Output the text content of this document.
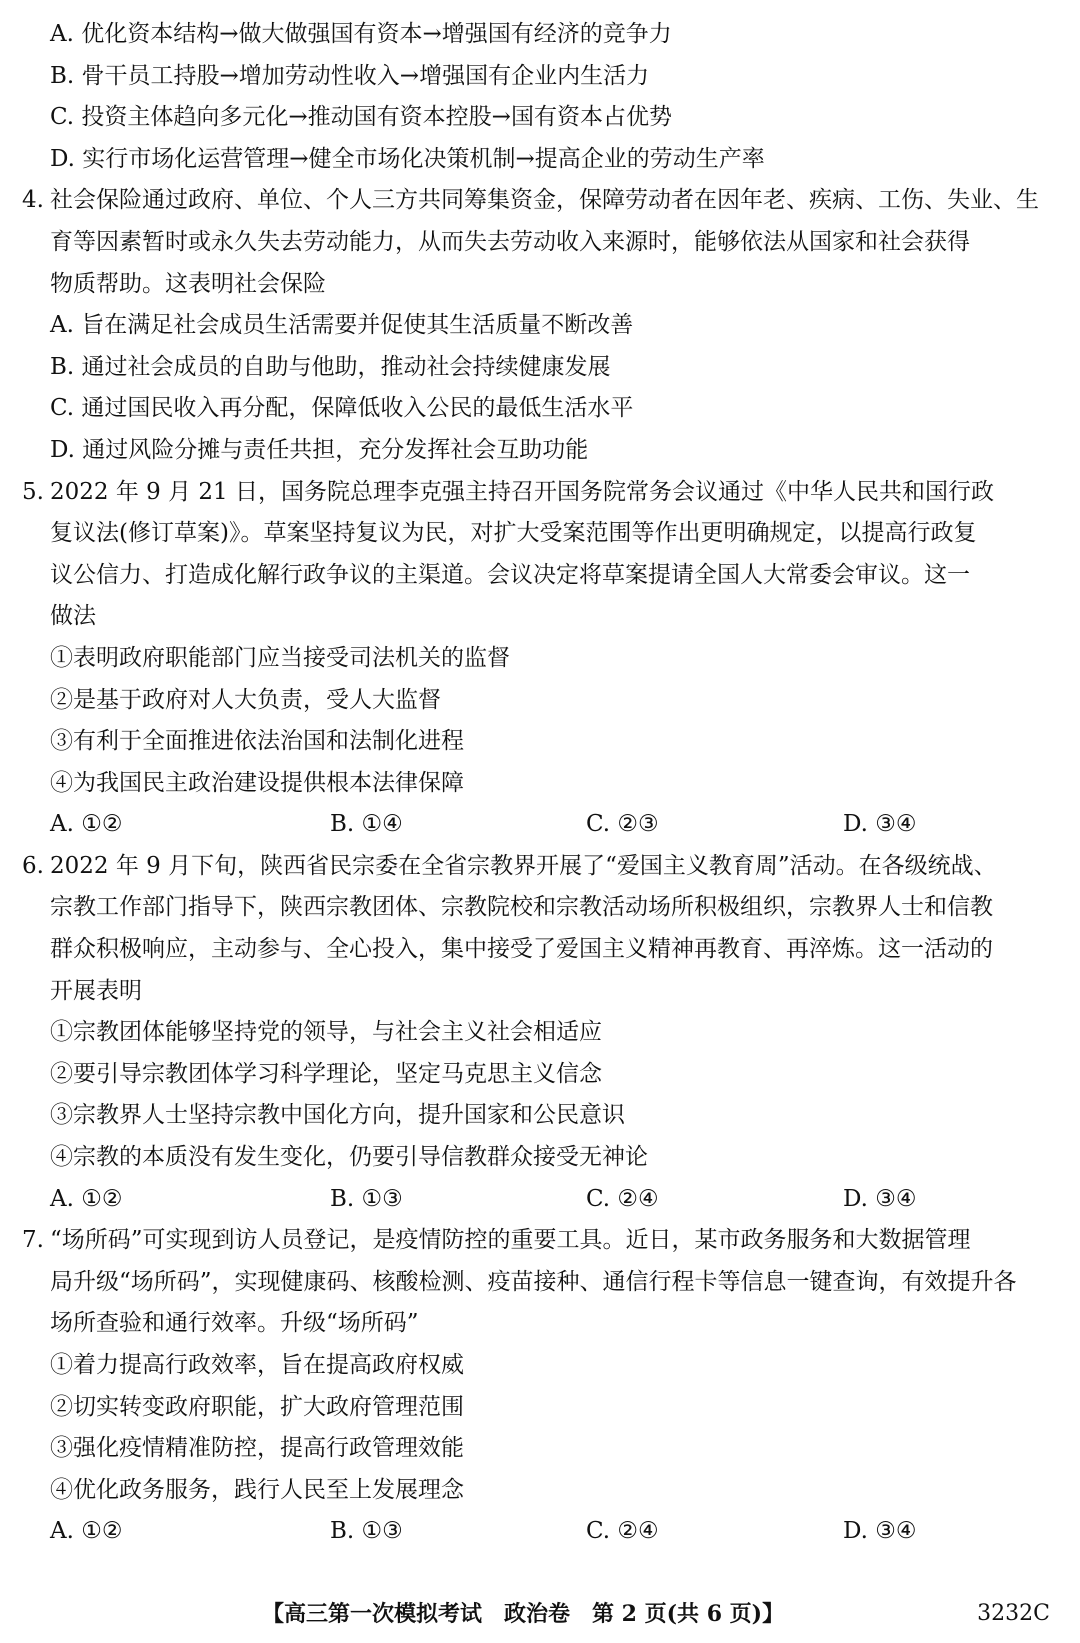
A. 优化资本结构→做大做强国有资本→增强国有经济的竞争力
B. 骨干员工持股→增加劳动性收入→增强国有企业内生活力
C. 投资主体趋向多元化→推动国有资本控股→国有资本占优势
D. 实行市场化运营管理→健全市场化决策机制→提高企业的劳动生产率
4. 社会保险通过政府、单位、个人三方共同筹集资金，保障劳动者在因年老、疾病、工伤、失业、生
育等因素暂时或永久失去劳动能力，从而失去劳动收入来源时，能够依法从国家和社会获得
物质帮助。这表明社会保险
A. 旨在满足社会成员生活需要并促使其生活质量不断改善
B. 通过社会成员的自助与他助，推动社会持续健康发展
C. 通过国民收入再分配，保障低收入公民的最低生活水平
D. 通过风险分摊与责任共担，充分发挥社会互助功能
5. 2022 年 9 月 21 日，国务院总理李克强主持召开国务院常务会议通过《中华人民共和国行政
复议法(修订草案)》。草案坚持复议为民，对扩大受案范围等作出更明确规定，以提高行政复
议公信力、打造成化解行政争议的主渠道。会议决定将草案提请全国人大常委会审议。这一
做法
①表明政府职能部门应当接受司法机关的监督
②是基于政府对人大负责，受人大监督
③有利于全面推进依法治国和法制化进程
④为我国民主政治建设提供根本法律保障
A. ①②	B. ①④	C. ②③	D. ③④
6. 2022 年 9 月下旬，陕西省民宗委在全省宗教界开展了“爱国主义教育周”活动。在各级统战、
宗教工作部门指导下，陕西宗教团体、宗教院校和宗教活动场所积极组织，宗教界人士和信教
群众积极响应，主动参与、全心投入，集中接受了爱国主义精神再教育、再淬炼。这一活动的
开展表明
①宗教团体能够坚持党的领导，与社会主义社会相适应
②要引导宗教团体学习科学理论，坚定马克思主义信念
③宗教界人士坚持宗教中国化方向，提升国家和公民意识
④宗教的本质没有发生变化，仍要引导信教群众接受无神论
A. ①②	B. ①③	C. ②④	D. ③④
7. “场所码”可实现到访人员登记，是疫情防控的重要工具。近日，某市政务服务和大数据管理
局升级“场所码”，实现健康码、核酸检测、疫苗接种、通信行程卡等信息一键查询，有效提升各
场所查验和通行效率。升级“场所码”
①着力提高行政效率，旨在提高政府权威
②切实转变政府职能，扩大政府管理范围
③强化疫情精准防控，提高行政管理效能
④优化政务服务，践行人民至上发展理念
A. ①②	B. ①③	C. ②④	D. ③④
【高三第一次模拟考试　政治卷　第 2 页(共 6 页)】	3232C
